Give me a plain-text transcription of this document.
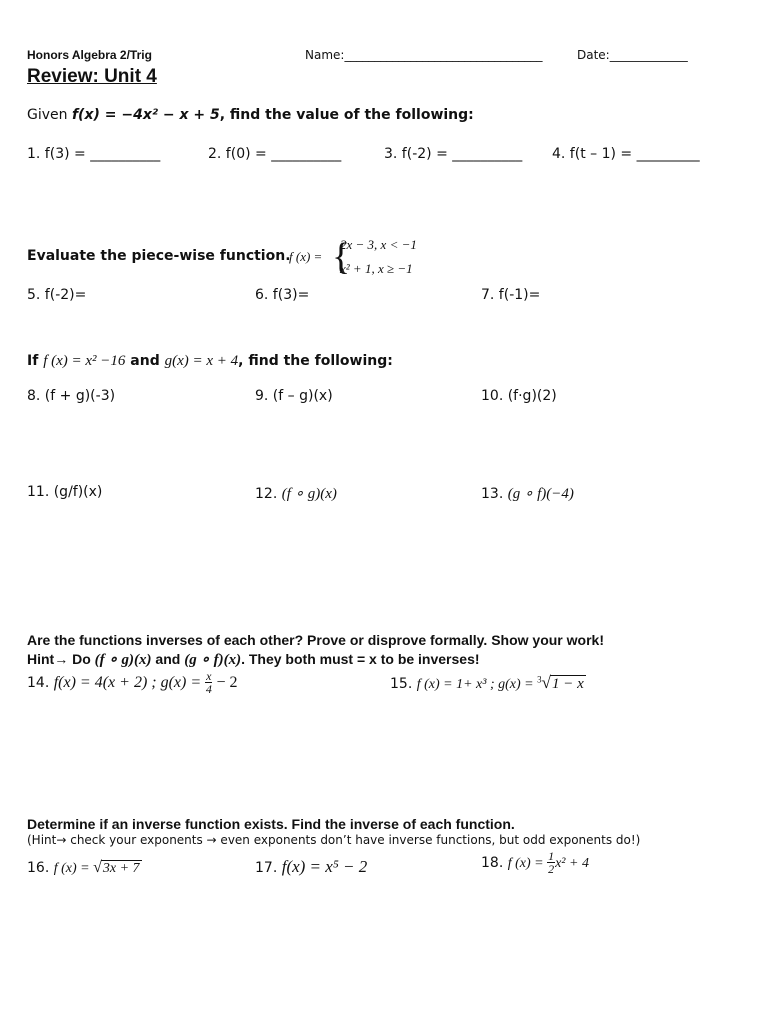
Honors Algebra 2/Trig	Name:_________________________________	Date:_____________
Review: Unit 4
Given f(x) = −4x² − x + 5, find the value of the following:
1. f(3) = __________	2. f(0) = __________	3. f(-2) = __________ 4. f(t – 1) = _________
Evaluate the piece-wise function.
f (x) = {
2x − 3, x < −1
x² + 1, x ≥ −1
5. f(-2)=	6. f(3)=	7. f(-1)=
If f (x) = x² −16 and g(x) = x + 4, find the following:
8. (f + g)(-3)	9. (f – g)(x)	10. (f·g)(2)
11. (g/f)(x)	12. (f ∘ g)(x)	13. (g ∘ f)(−4)
Are the functions inverses of each other? Prove or disprove formally. Show your work!
Hint→ Do (f ∘ g)(x) and (g ∘ f)(x). They both must = x to be inverses!
14. f(x) = 4(x + 2) ; $g(x) = \frac{x}{4} - 2$	15. f (x) = 1+ x³ ; g(x) = $^3$√1 − x
Determine if an inverse function exists. Find the inverse of each function.
(Hint→ check your exponents → even exponents don’t have inverse functions, but odd exponents do!)
16. f (x) = √3x + 7	17. f(x) = x⁵ − 2	18. f $(x) = \frac{1}{2} x^2 + 4$
